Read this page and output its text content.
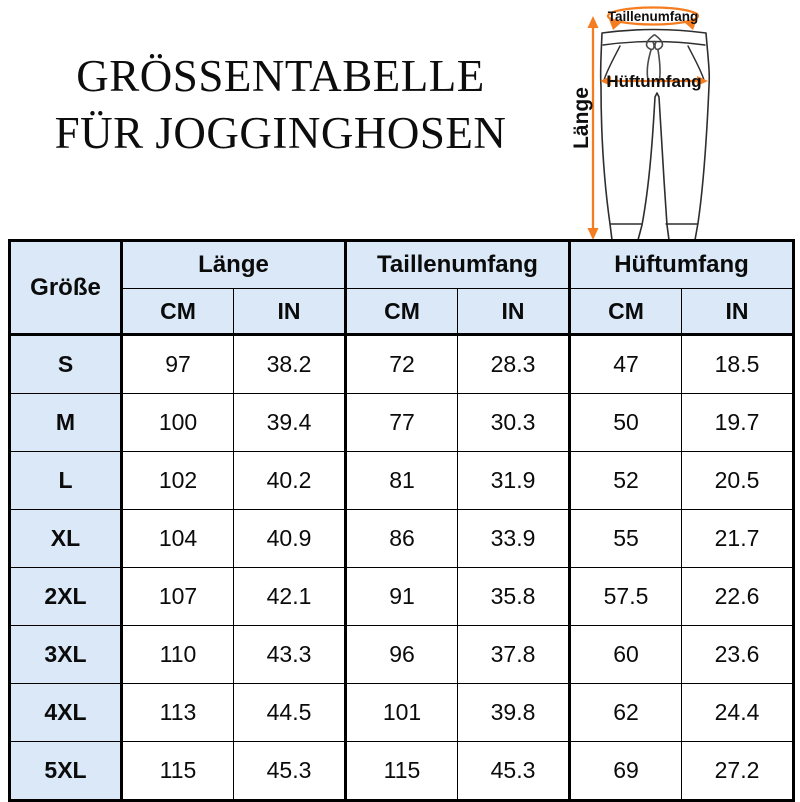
GRÖSSENTABELLE
FÜR JOGGINGHOSEN
Taillenumfang
Länge
Hüftumfang
Größe	Länge		Taillenumfang		Hüftumfang	
	CM	IN	CM	IN	CM	IN
S	97	38.2	72	28.3	47	18.5
M	100	39.4	77	30.3	50	19.7
L	102	40.2	81	31.9	52	20.5
XL	104	40.9	86	33.9	55	21.7
2XL	107	42.1	91	35.8	57.5	22.6
3XL	110	43.3	96	37.8	60	23.6
4XL	113	44.5	101	39.8	62	24.4
5XL	115	45.3	115	45.3	69	27.2
